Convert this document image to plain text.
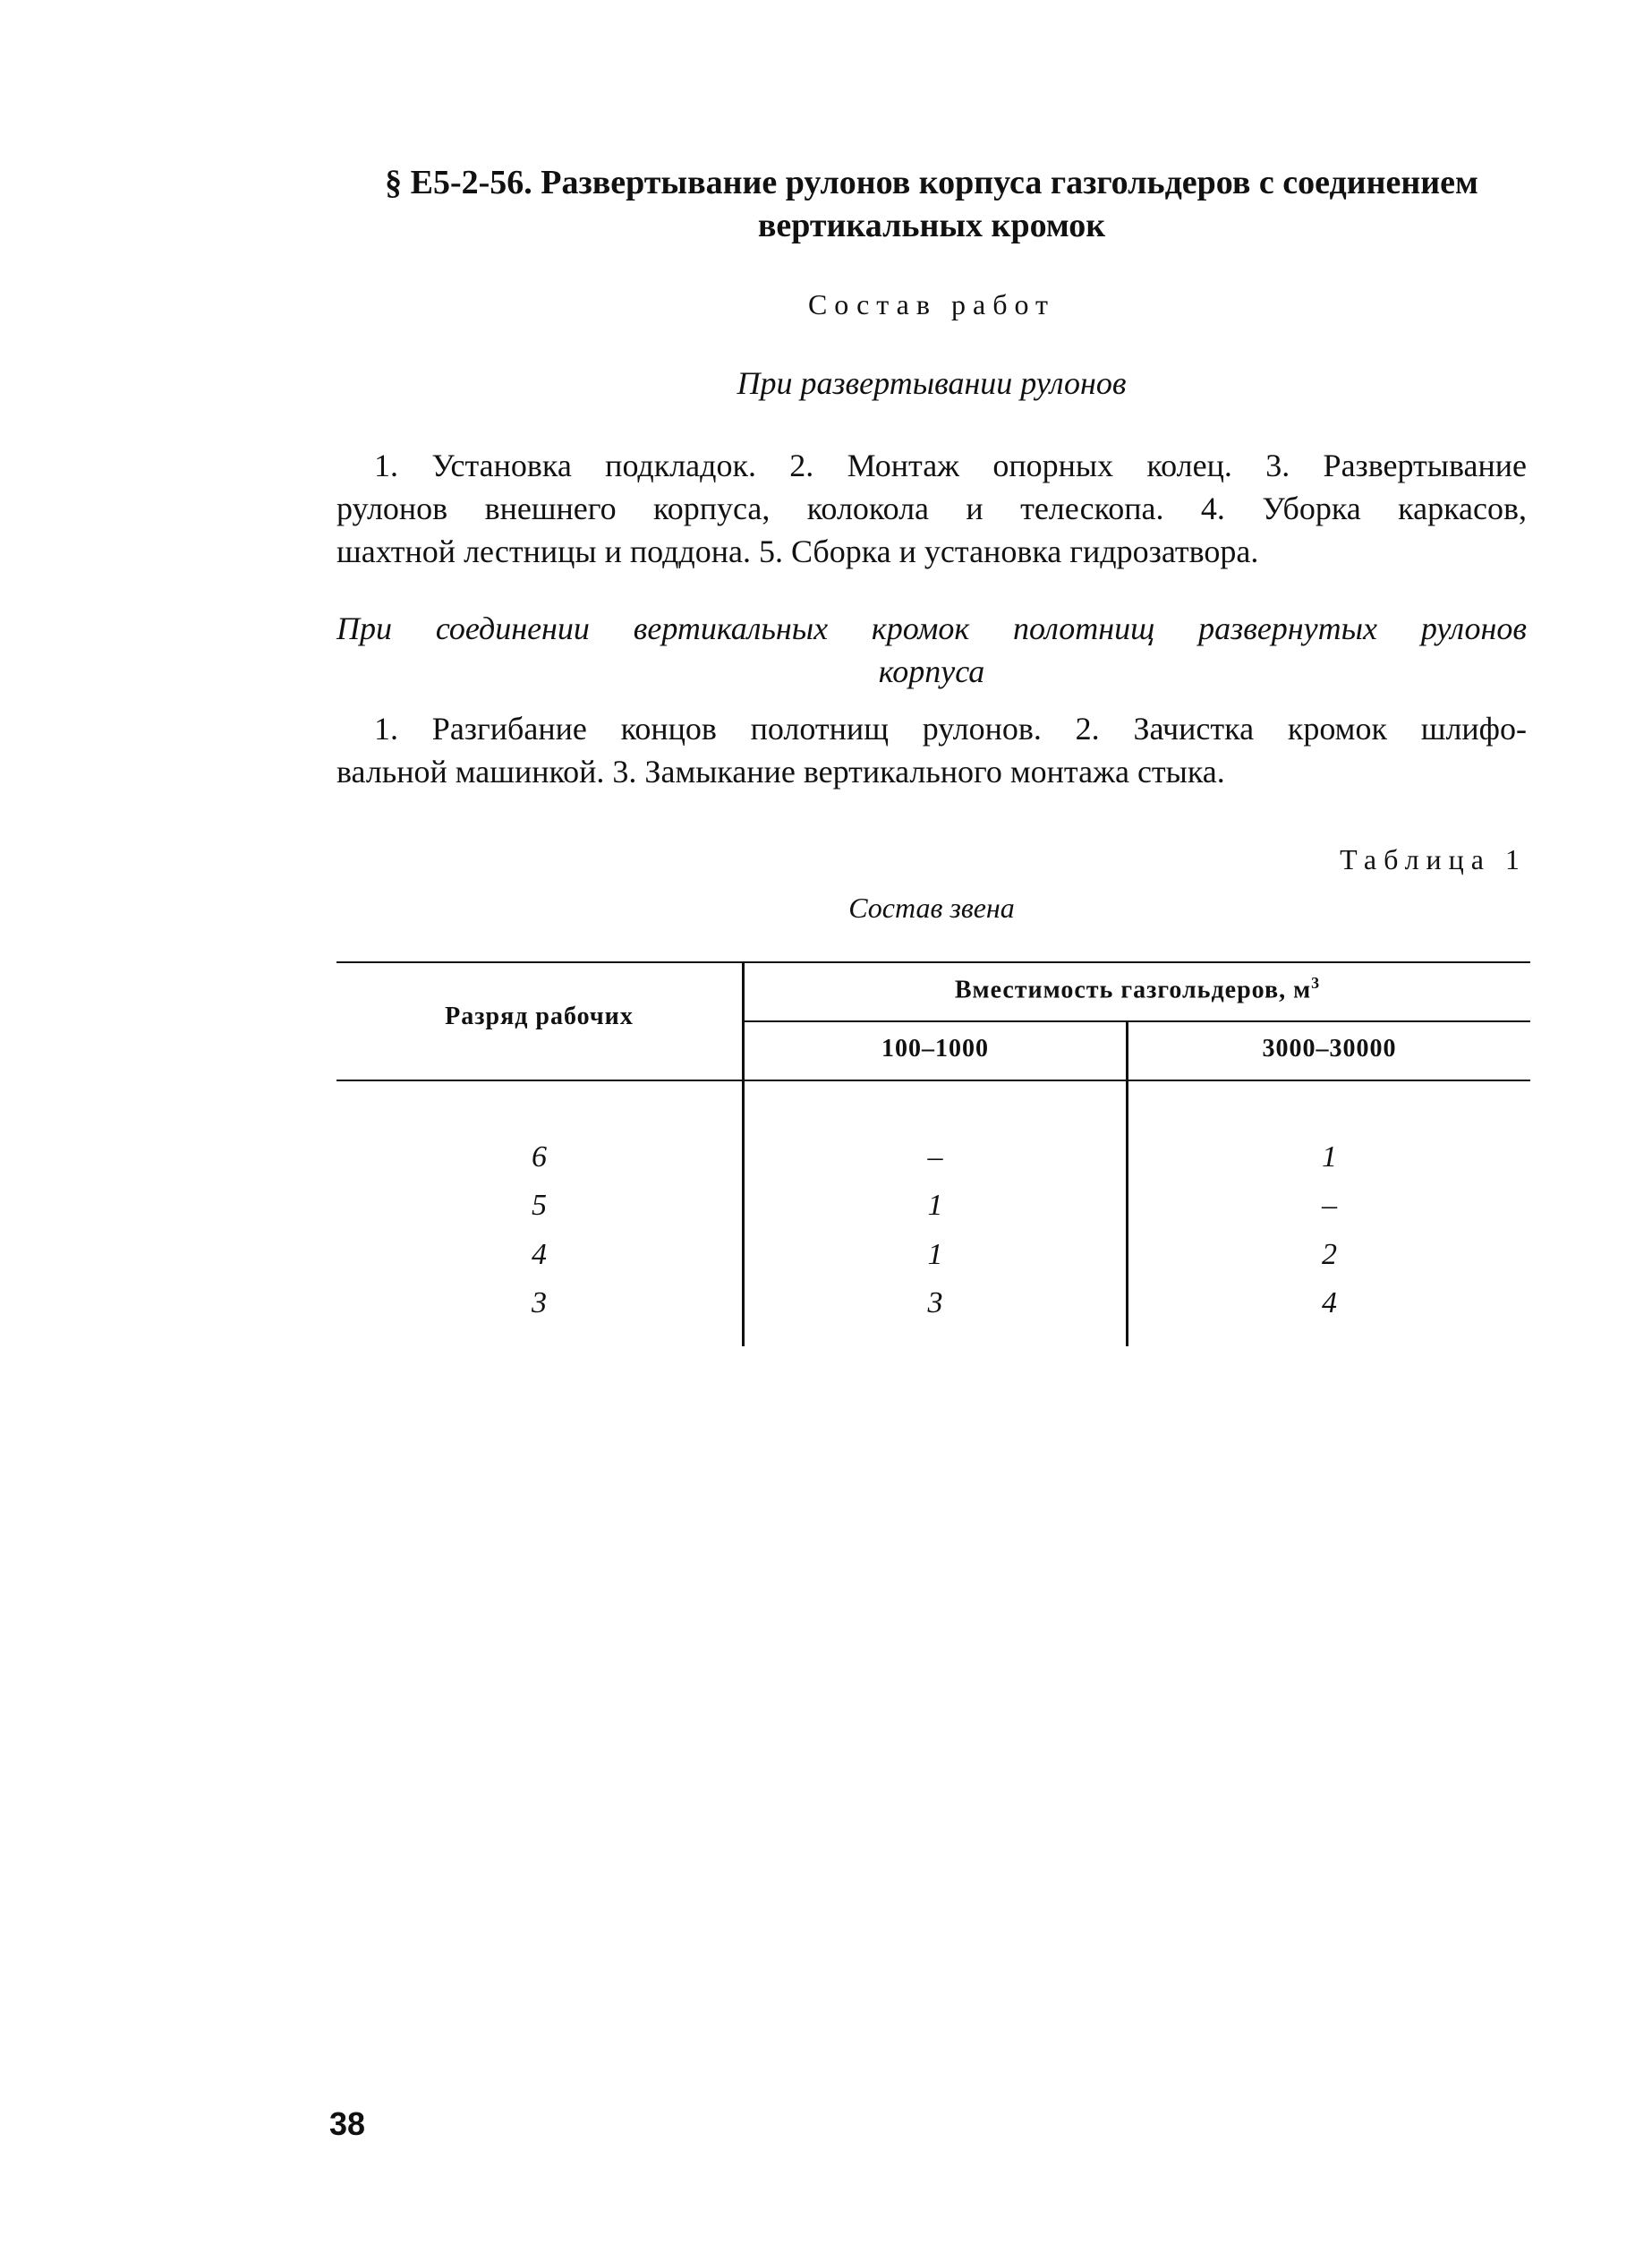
§ Е5-2-56. Развертывание рулонов корпуса газгольдеров с соединением
вертикальных кромок
Состав работ
При развертывании рулонов
1. Установка подкладок. 2. Монтаж опорных колец. 3. Развертывание
рулонов внешнего корпуса, колокола и телескопа. 4. Уборка каркасов,
шахтной лестницы и поддона. 5. Сборка и установка гидрозатвора.
При соединении вертикальных кромок полотнищ развернутых рулонов
корпуса
1. Разгибание концов полотнищ рулонов. 2. Зачистка кромок шлифо-
вальной машинкой. 3. Замыкание вертикального монтажа стыка.
Таблица 1
Состав звена
Разряд рабочих
Вместимость газгольдеров, $м^3$
100–1000	3000–30000
6	–	1
5	1	–
4	1	2
3	3	4
38
